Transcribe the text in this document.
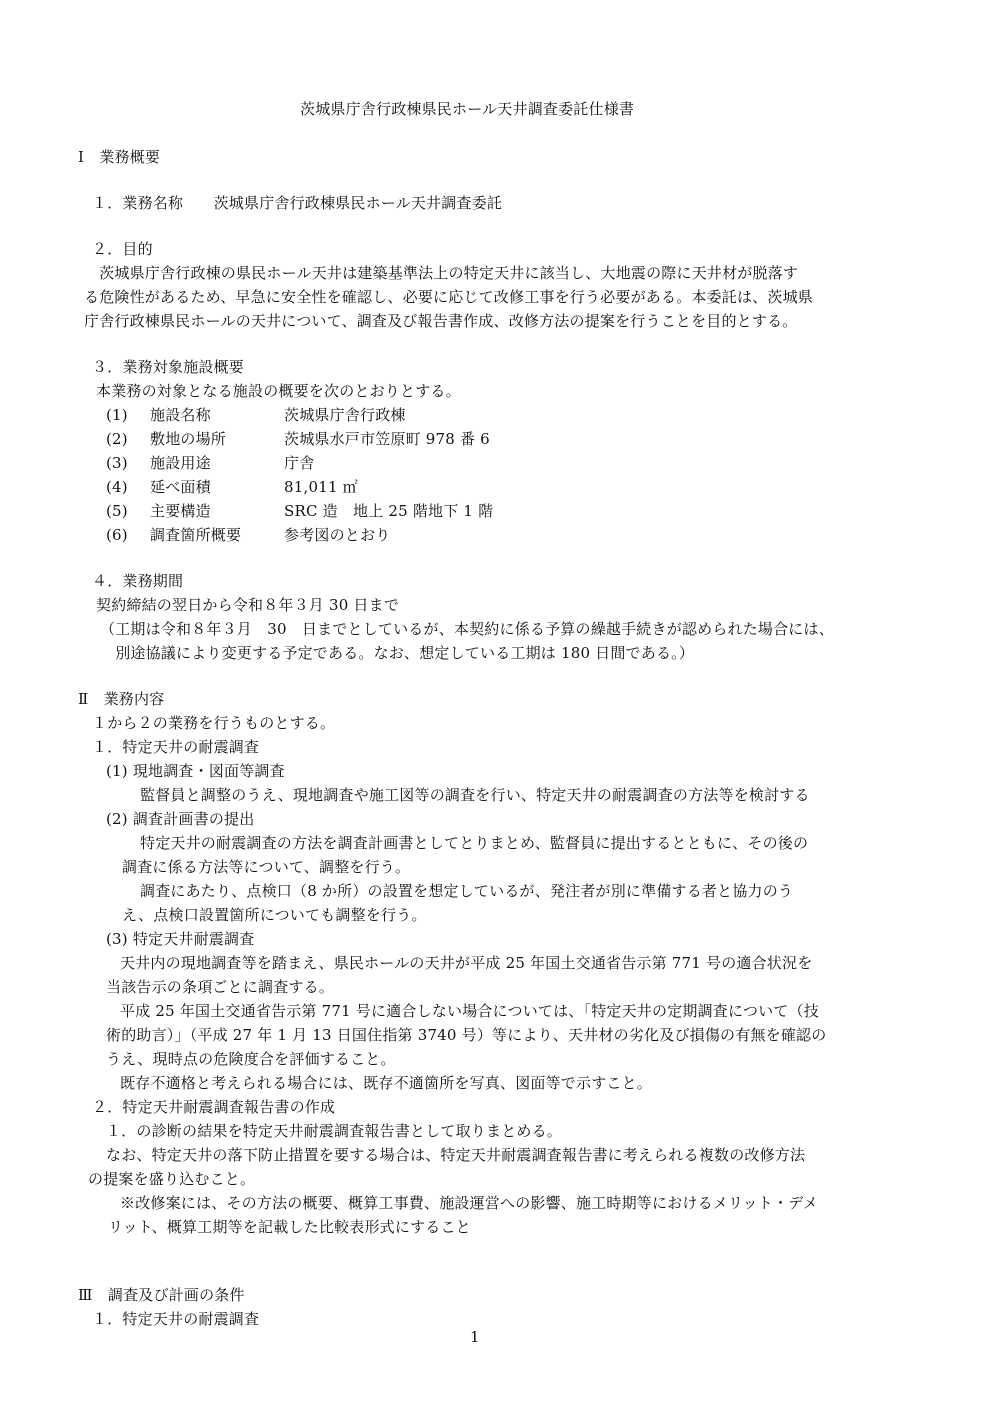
茨城県庁舎行政棟県民ホール天井調査委託仕様書
Ⅰ　業務概要
１．業務名称　　茨城県庁舎行政棟県民ホール天井調査委託
２．目的
　茨城県庁舎行政棟の県民ホール天井は建築基準法上の特定天井に該当し、大地震の際に天井材が脱落す
る危険性があるため、早急に安全性を確認し、必要に応じて改修工事を行う必要がある。本委託は、茨城県
庁舎行政棟県民ホールの天井について、調査及び報告書作成、改修方法の提案を行うことを目的とする。
３．業務対象施設概要
本業務の対象となる施設の概要を次のとおりとする。
(1) 施設名称	茨城県庁舎行政棟
(2) 敷地の場所	茨城県水戸市笠原町 978 番 6
(3) 施設用途	庁舎
(4) 延べ面積	81,011 ㎡
(5) 主要構造	SRC 造　地上 25 階地下 1 階
(6) 調査箇所概要	参考図のとおり
４．業務期間
契約締結の翌日から令和８年３月 30 日まで
（工期は令和８年３月　30　日までとしているが、本契約に係る予算の繰越手続きが認められた場合には、
　別途協議により変更する予定である。なお、想定している工期は 180 日間である。）
Ⅱ　業務内容
１から２の業務を行うものとする。
１．特定天井の耐震調査
(1) 現地調査・図面等調査
監督員と調整のうえ、現地調査や施工図等の調査を行い、特定天井の耐震調査の方法等を検討する
(2) 調査計画書の提出
特定天井の耐震調査の方法を調査計画書としてとりまとめ、監督員に提出するとともに、その後の
調査に係る方法等について、調整を行う。
調査にあたり、点検口（8 か所）の設置を想定しているが、発注者が別に準備する者と協力のう
え、点検口設置箇所についても調整を行う。
(3) 特定天井耐震調査
天井内の現地調査等を踏まえ、県民ホールの天井が平成 25 年国土交通省告示第 771 号の適合状況を
当該告示の条項ごとに調査する。
平成 25 年国土交通省告示第 771 号に適合しない場合については、「特定天井の定期調査について（技
術的助言）」（平成 27 年 1 月 13 日国住指第 3740 号）等により、天井材の劣化及び損傷の有無を確認の
うえ、現時点の危険度合を評価すること。
既存不適格と考えられる場合には、既存不適箇所を写真、図面等で示すこと。
２．特定天井耐震調査報告書の作成
１．の診断の結果を特定天井耐震調査報告書として取りまとめる。
なお、特定天井の落下防止措置を要する場合は、特定天井耐震調査報告書に考えられる複数の改修方法
の提案を盛り込むこと。
※改修案には、その方法の概要、概算工事費、施設運営への影響、施工時期等におけるメリット・デメ
リット、概算工期等を記載した比較表形式にすること
Ⅲ　調査及び計画の条件
１．特定天井の耐震調査
1
